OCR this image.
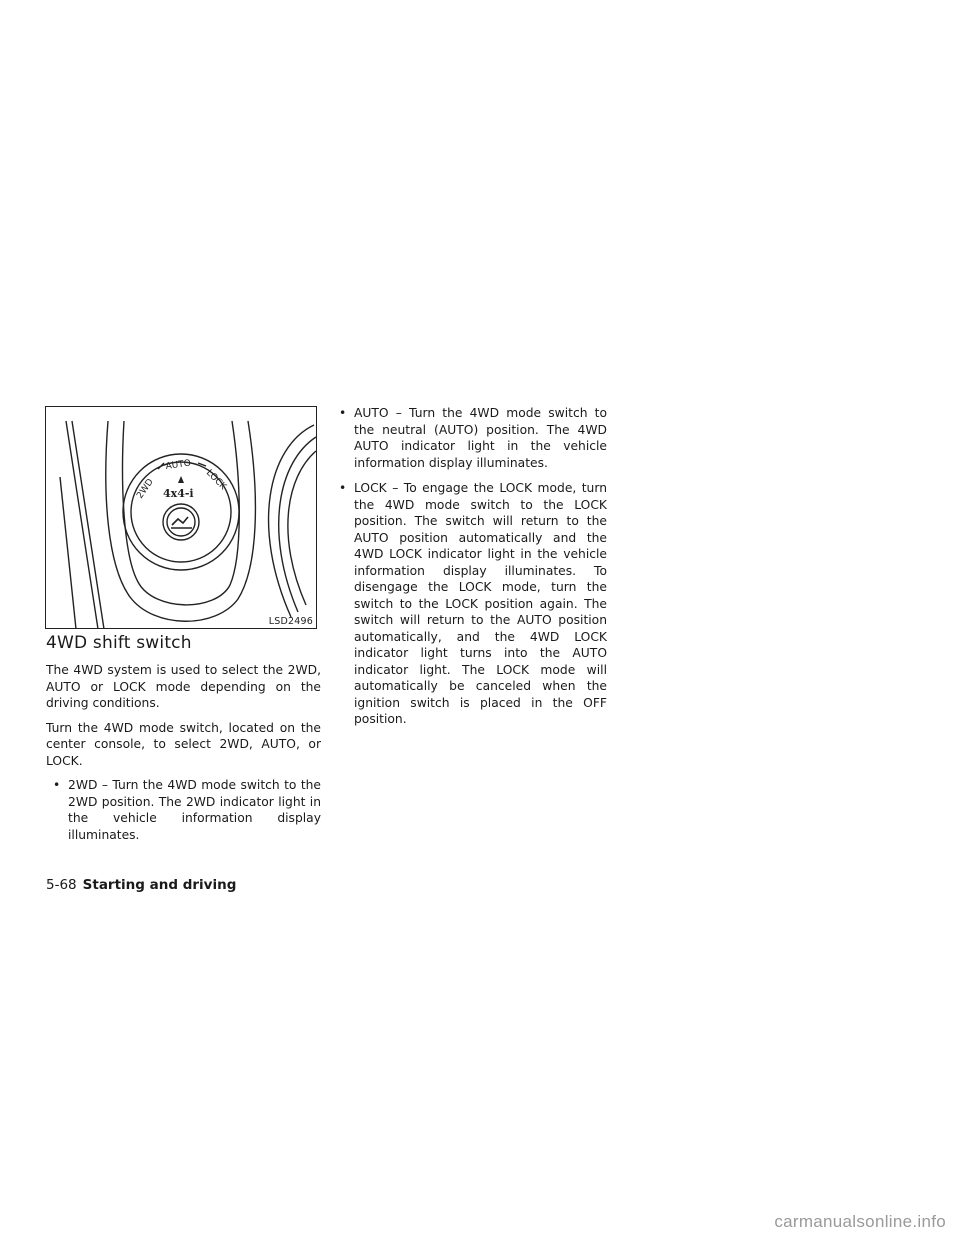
2WD
AUTO
LOCK
4x4-i
LSD2496
4WD shift switch

The 4WD system is used to select the 2WD, AUTO or LOCK mode depending on the driving conditions.

Turn the 4WD mode switch, located on the center console, to select 2WD, AUTO, or LOCK.

• 2WD – Turn the 4WD mode switch to the 2WD position. The 2WD indicator light in the vehicle information display illuminates.
• AUTO – Turn the 4WD mode switch to the neutral (AUTO) position. The 4WD AUTO indicator light in the vehicle information display illuminates.
• LOCK – To engage the LOCK mode, turn the 4WD mode switch to the LOCK position. The switch will return to the AUTO position automatically and the 4WD LOCK indicator light in the vehicle information display illuminates. To disengage the LOCK mode, turn the switch to the LOCK position again. The switch will return to the AUTO position automatically, and the 4WD LOCK indicator light turns into the AUTO indicator light. The LOCK mode will automatically be canceled when the ignition switch is placed in the OFF position.
5-68 Starting and driving
carmanualsonline.info
